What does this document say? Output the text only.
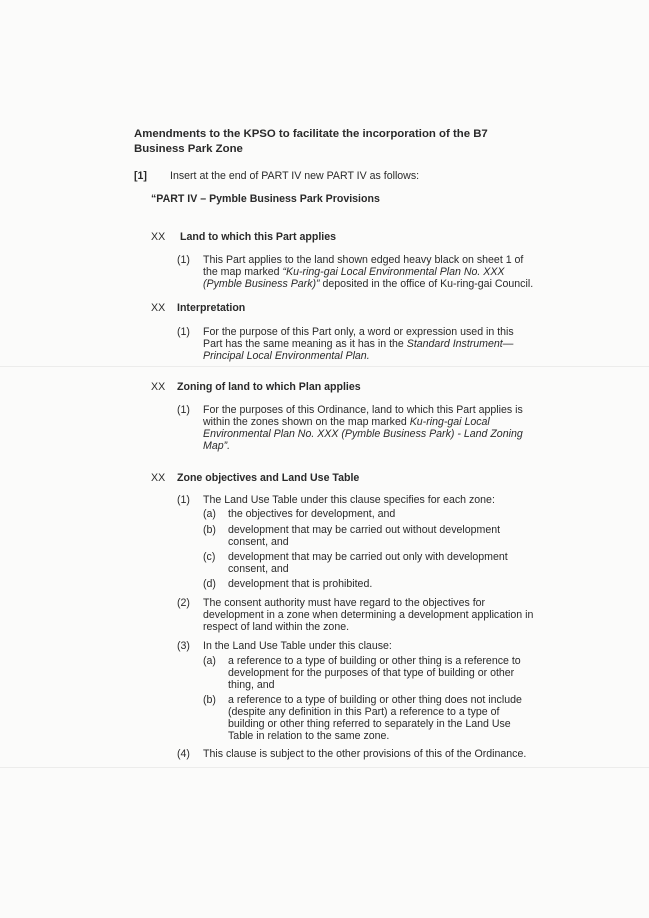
Amendments to the KPSO to facilitate the incorporation of the B7
Business Park Zone
[1] Insert at the end of PART IV new PART IV as follows:
“PART IV – Pymble Business Park Provisions
XX Land to which this Part applies
(1) This Part applies to the land shown edged heavy black on sheet 1 of
the map marked “Ku-ring-gai Local Environmental Plan No. XXX
(Pymble Business Park)” deposited in the office of Ku-ring-gai Council.
XX Interpretation
(1) For the purpose of this Part only, a word or expression used in this
Part has the same meaning as it has in the Standard Instrument—
Principal Local Environmental Plan.
XX Zoning of land to which Plan applies
(1) For the purposes of this Ordinance, land to which this Part applies is
within the zones shown on the map marked Ku-ring-gai Local
Environmental Plan No. XXX (Pymble Business Park) - Land Zoning
Map”.
XX Zone objectives and Land Use Table
(1) The Land Use Table under this clause specifies for each zone:
(a) the objectives for development, and
(b) development that may be carried out without development
consent, and
(c) development that may be carried out only with development
consent, and
(d) development that is prohibited.
(2) The consent authority must have regard to the objectives for
development in a zone when determining a development application in
respect of land within the zone.
(3) In the Land Use Table under this clause:
(a) a reference to a type of building or other thing is a reference to
development for the purposes of that type of building or other
thing, and
(b) a reference to a type of building or other thing does not include
(despite any definition in this Part) a reference to a type of
building or other thing referred to separately in the Land Use
Table in relation to the same zone.
(4) This clause is subject to the other provisions of this of the Ordinance.
